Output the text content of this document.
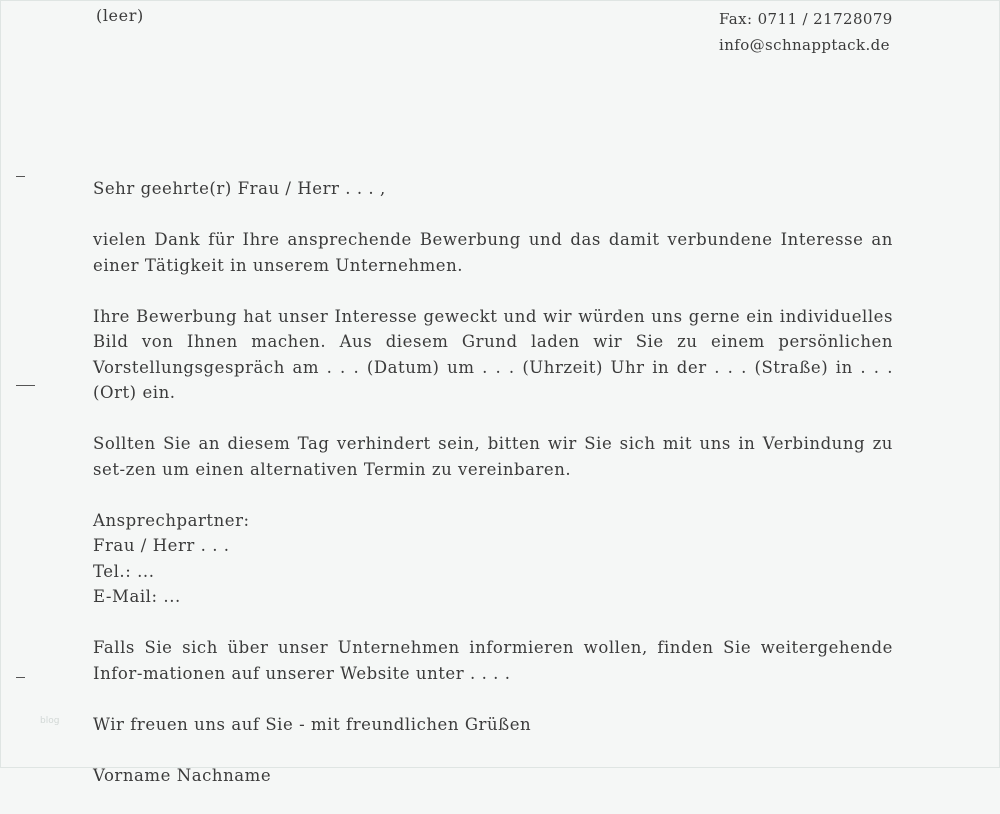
(leer)	Fax: 0711 / 21728079
info@schnapptack.de

Sehr geehrte(r) Frau / Herr . . . ,

vielen Dank für Ihre ansprechende Bewerbung und das damit verbundene Interesse an einer Tätigkeit in unserem Unternehmen.

Ihre Bewerbung hat unser Interesse geweckt und wir würden uns gerne ein individuelles Bild von Ihnen machen. Aus diesem Grund laden wir Sie zu einem persönlichen Vorstellungsgespräch am . . . (Datum) um . . . (Uhrzeit) Uhr in der . . . (Straße) in . . . (Ort) ein.

Sollten Sie an diesem Tag verhindert sein, bitten wir Sie sich mit uns in Verbindung zu set-zen um einen alternativen Termin zu vereinbaren.

Ansprechpartner:
Frau / Herr . . .
Tel.: ...
E-Mail: ...

Falls Sie sich über unser Unternehmen informieren wollen, finden Sie weitergehende Infor-mationen auf unserer Website unter . . . .

Wir freuen uns auf Sie - mit freundlichen Grüßen

Vorname Nachname

blog
